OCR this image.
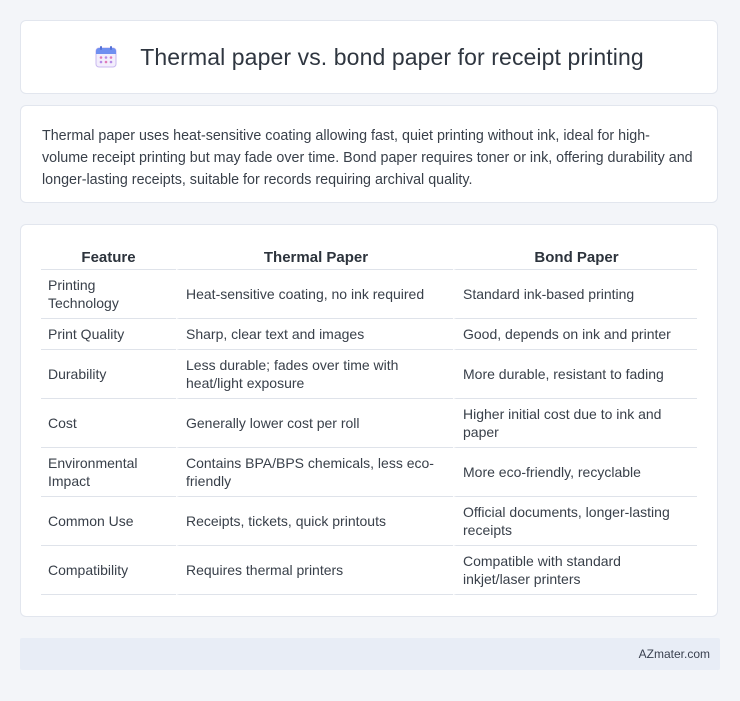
Thermal paper vs. bond paper for receipt printing

Thermal paper uses heat-sensitive coating allowing fast, quiet printing without ink, ideal for high-volume receipt printing but may fade over time. Bond paper requires toner or ink, offering durability and longer-lasting receipts, suitable for records requiring archival quality.

Feature	Thermal Paper	Bond Paper
Printing Technology	Heat-sensitive coating, no ink required	Standard ink-based printing
Print Quality	Sharp, clear text and images	Good, depends on ink and printer
Durability	Less durable; fades over time with heat/light exposure	More durable, resistant to fading
Cost	Generally lower cost per roll	Higher initial cost due to ink and paper
Environmental Impact	Contains BPA/BPS chemicals, less eco-friendly	More eco-friendly, recyclable
Common Use	Receipts, tickets, quick printouts	Official documents, longer-lasting receipts
Compatibility	Requires thermal printers	Compatible with standard inkjet/laser printers
AZmater.com
